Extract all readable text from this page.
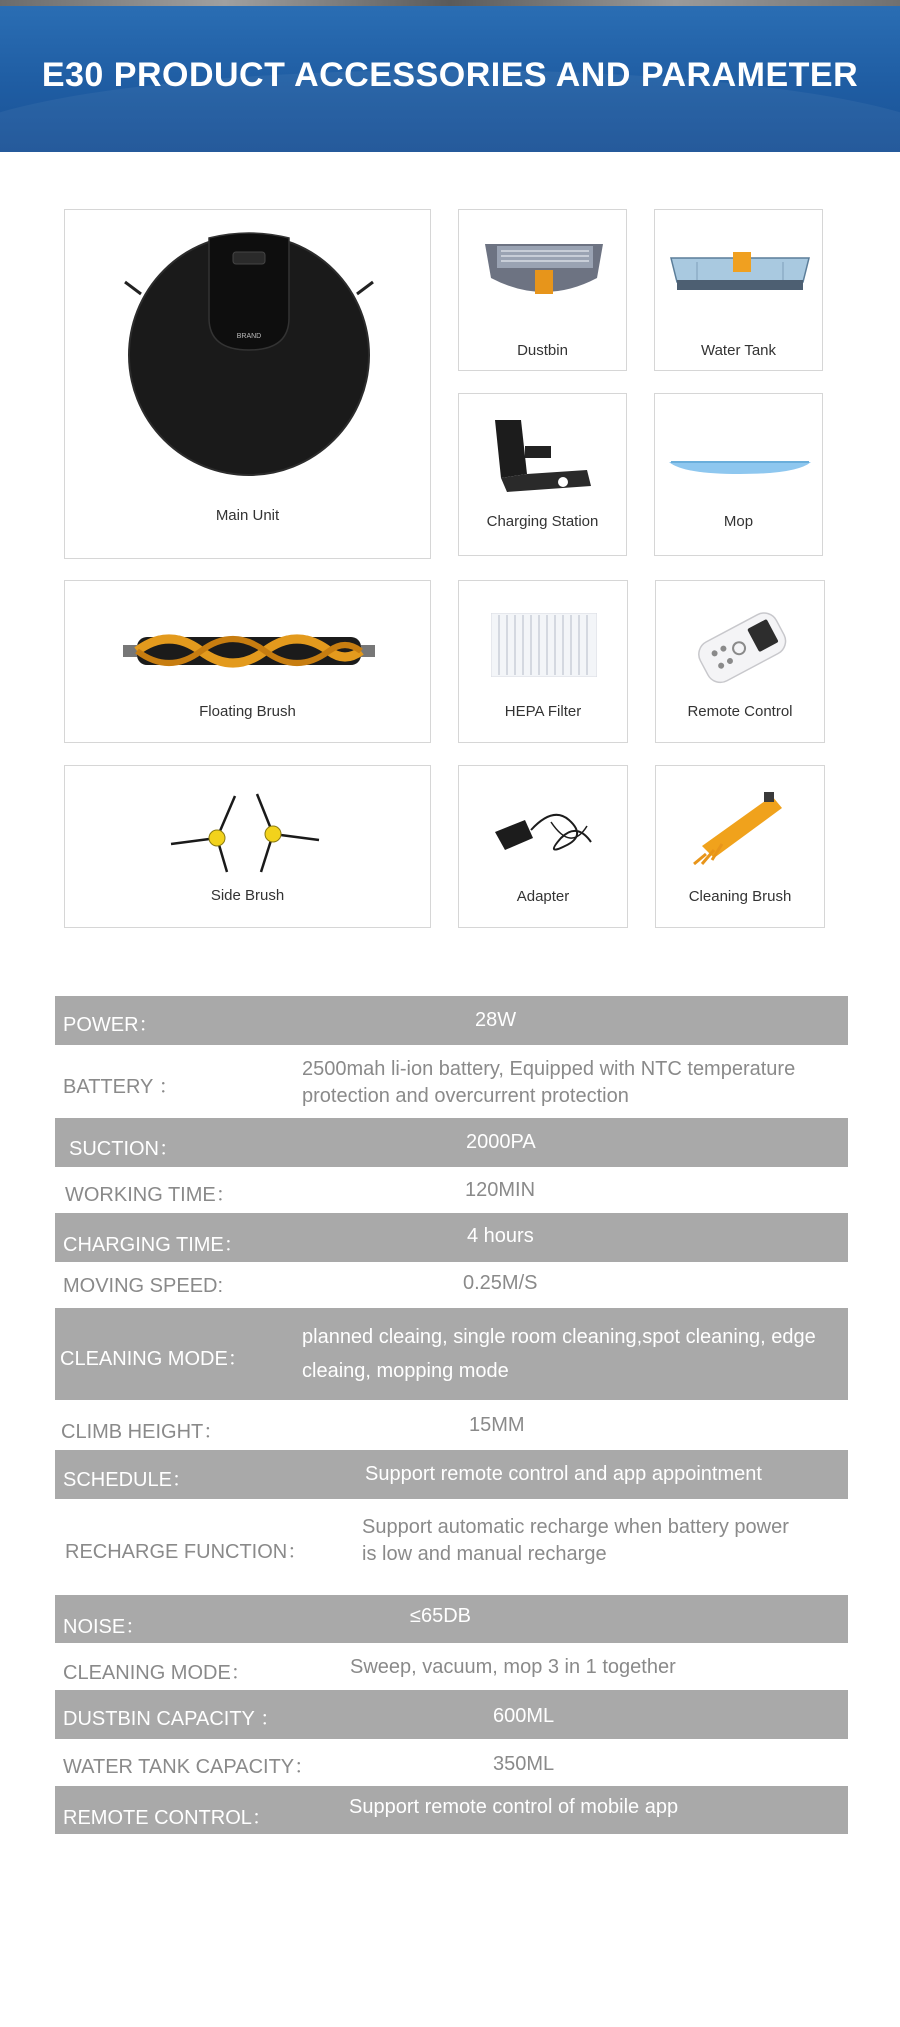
E30 PRODUCT ACCESSORIES AND PARAMETER
BRAND
Main Unit
Dustbin	Water Tank
Charging Station	Mop
Floating Brush	HEPA Filter	Remote Control
Side Brush	Adapter	Cleaning Brush
POWER：	28W
BATTERY ：
2500mah li-ion battery, Equipped with NTC temperature protection and overcurrent protection
SUCTION：	2000PA
WORKING TIME：	120MIN
CHARGING TIME：	4 hours
MOVING SPEED:	0.25M/S
CLEANING MODE：
planned cleaing, single room cleaning,spot cleaning, edge cleaing, mopping mode
CLIMB HEIGHT：	15MM
SCHEDULE：	Support remote control and app appointment
RECHARGE FUNCTION：
Support automatic recharge when battery power is low and manual recharge
NOISE：	≤65DB
CLEANING MODE：	Sweep, vacuum, mop 3 in 1 together
DUSTBIN CAPACITY ：	600ML
WATER TANK CAPACITY：	350ML
REMOTE CONTROL：	Support remote control of mobile app
